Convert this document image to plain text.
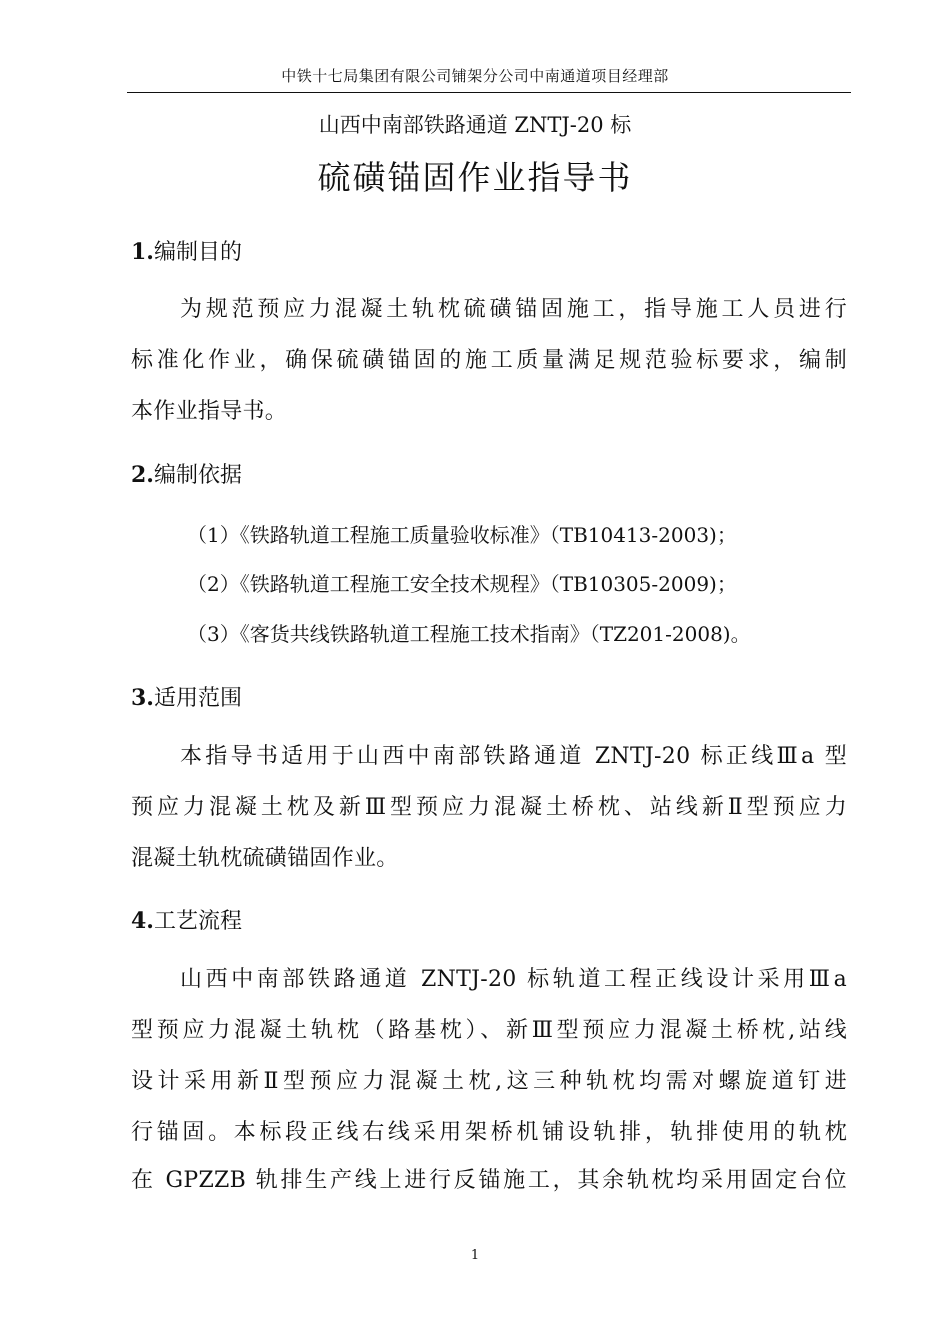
中铁十七局集团有限公司铺架分公司中南通道项目经理部
山西中南部铁路通道 ZNTJ-20 标
硫磺锚固作业指导书
1.编制目的
为规范预应力混凝土轨枕硫磺锚固施工，指导施工人员进行
标准化作业，确保硫磺锚固的施工质量满足规范验标要求，编制
本作业指导书。
2.编制依据
（1）《铁路轨道工程施工质量验收标准》（TB10413-2003)；
（2）《铁路轨道工程施工安全技术规程》（TB10305-2009)；
（3）《客货共线铁路轨道工程施工技术指南》（TZ201-2008)。
3.适用范围
本指导书适用于山西中南部铁路通道 ZNTJ-20 标正线Ⅲa 型
预应力混凝土枕及新Ⅲ型预应力混凝土桥枕、站线新Ⅱ型预应力
混凝土轨枕硫磺锚固作业。
4.工艺流程
山西中南部铁路通道 ZNTJ-20 标轨道工程正线设计采用Ⅲa
型预应力混凝土轨枕（路基枕）、新Ⅲ型预应力混凝土桥枕,站线
设计采用新Ⅱ型预应力混凝土枕,这三种轨枕均需对螺旋道钉进
行锚固。本标段正线右线采用架桥机铺设轨排，轨排使用的轨枕
在 GPZZB 轨排生产线上进行反锚施工，其余轨枕均采用固定台位
1
